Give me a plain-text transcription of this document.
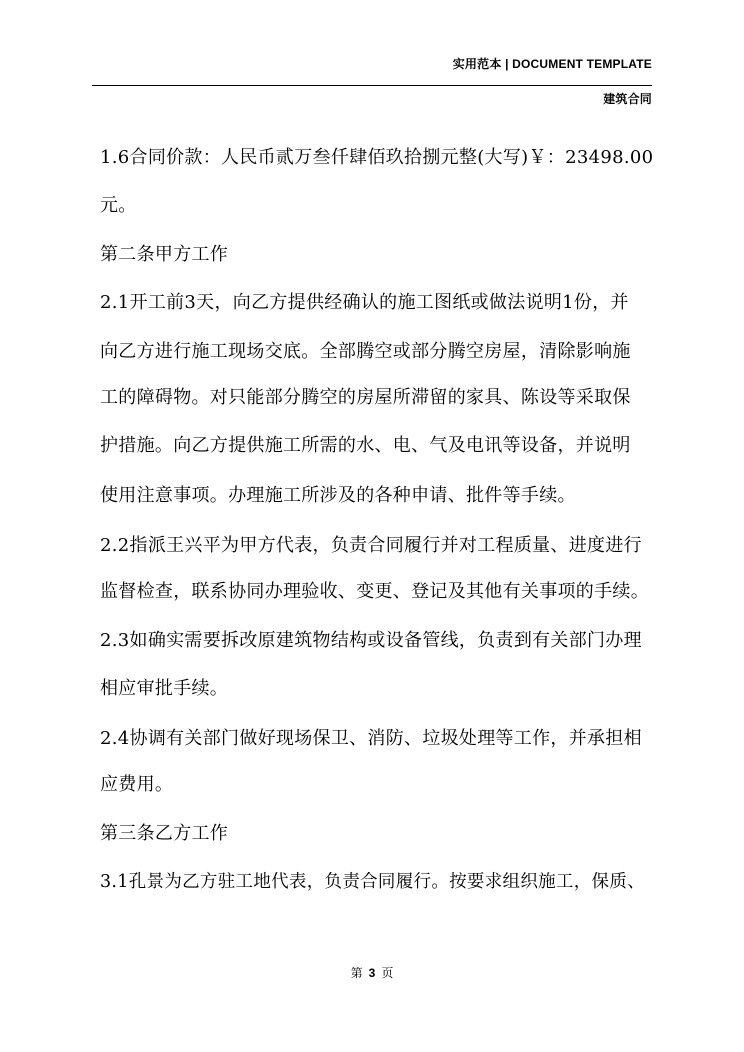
实用范本 | DOCUMENT TEMPLATE
建筑合同
1.6合同价款：人民币贰万叁仟肆佰玖拾捌元整(大写)￥：23498.00
元。
第二条甲方工作
2.1开工前3天，向乙方提供经确认的施工图纸或做法说明1份，并
向乙方进行施工现场交底。全部腾空或部分腾空房屋，清除影响施
工的障碍物。对只能部分腾空的房屋所滞留的家具、陈设等采取保
护措施。向乙方提供施工所需的水、电、气及电讯等设备，并说明
使用注意事项。办理施工所涉及的各种申请、批件等手续。
2.2指派王兴平为甲方代表，负责合同履行并对工程质量、进度进行
监督检查，联系协同办理验收、变更、登记及其他有关事项的手续。
2.3如确实需要拆改原建筑物结构或设备管线，负责到有关部门办理
相应审批手续。
2.4协调有关部门做好现场保卫、消防、垃圾处理等工作，并承担相
应费用。
第三条乙方工作
3.1孔景为乙方驻工地代表，负责合同履行。按要求组织施工，保质、
第 3 页
